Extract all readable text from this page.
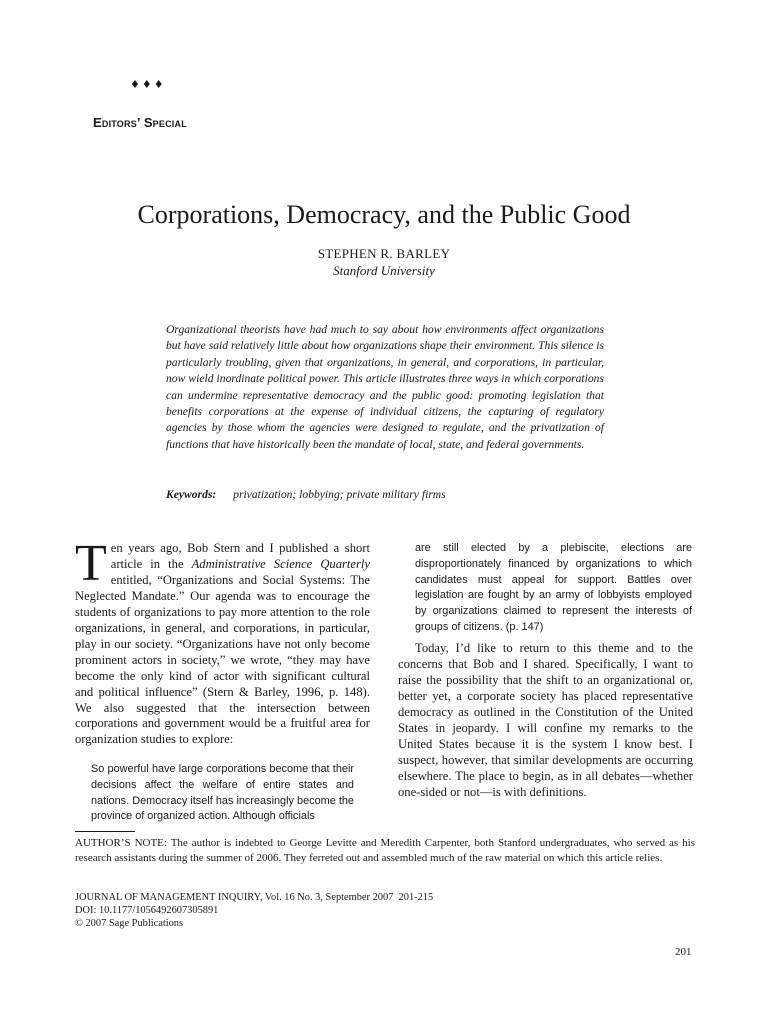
♦♦♦
Editors’ Special
Corporations, Democracy, and the Public Good
STEPHEN R. BARLEY
Stanford University
Organizational theorists have had much to say about how environments affect organizations but have said relatively little about how organizations shape their environment. This silence is particularly troubling, given that organizations, in general, and corporations, in particular, now wield inordinate political power. This article illustrates three ways in which corporations can undermine representative democracy and the public good: promoting legislation that benefits corporations at the expense of individual citizens, the capturing of regulatory agencies by those whom the agencies were designed to regulate, and the privatization of functions that have historically been the mandate of local, state, and federal governments.
Keywords: privatization; lobbying; private military firms
Ten years ago, Bob Stern and I published a short article in the Administrative Science Quarterly entitled, “Organizations and Social Systems: The Neglected Mandate.” Our agenda was to encourage the students of organizations to pay more attention to the role organizations, in general, and corporations, in particular, play in our society. “Organizations have not only become prominent actors in society,” we wrote, “they may have become the only kind of actor with significant cultural and political influence” (Stern & Barley, 1996, p. 148). We also suggested that the intersection between corporations and government would be a fruitful area for organization studies to explore:
So powerful have large corporations become that their decisions affect the welfare of entire states and nations. Democracy itself has increasingly become the province of organized action. Although officials
are still elected by a plebiscite, elections are disproportionately financed by organizations to which candidates must appeal for support. Battles over legislation are fought by an army of lobbyists employed by organizations claimed to represent the interests of groups of citizens. (p. 147)
Today, I’d like to return to this theme and to the concerns that Bob and I shared. Specifically, I want to raise the possibility that the shift to an organizational or, better yet, a corporate society has placed representative democracy as outlined in the Constitution of the United States in jeopardy. I will confine my remarks to the United States because it is the system I know best. I suspect, however, that similar developments are occurring elsewhere. The place to begin, as in all debates—whether one-sided or not—is with definitions.
AUTHOR’S NOTE: The author is indebted to George Levitte and Meredith Carpenter, both Stanford undergraduates, who served as his research assistants during the summer of 2006. They ferreted out and assembled much of the raw material on which this article relies.
JOURNAL OF MANAGEMENT INQUIRY, Vol. 16 No. 3, September 2007  201-215
DOI: 10.1177/1056492607305891
© 2007 Sage Publications
201
